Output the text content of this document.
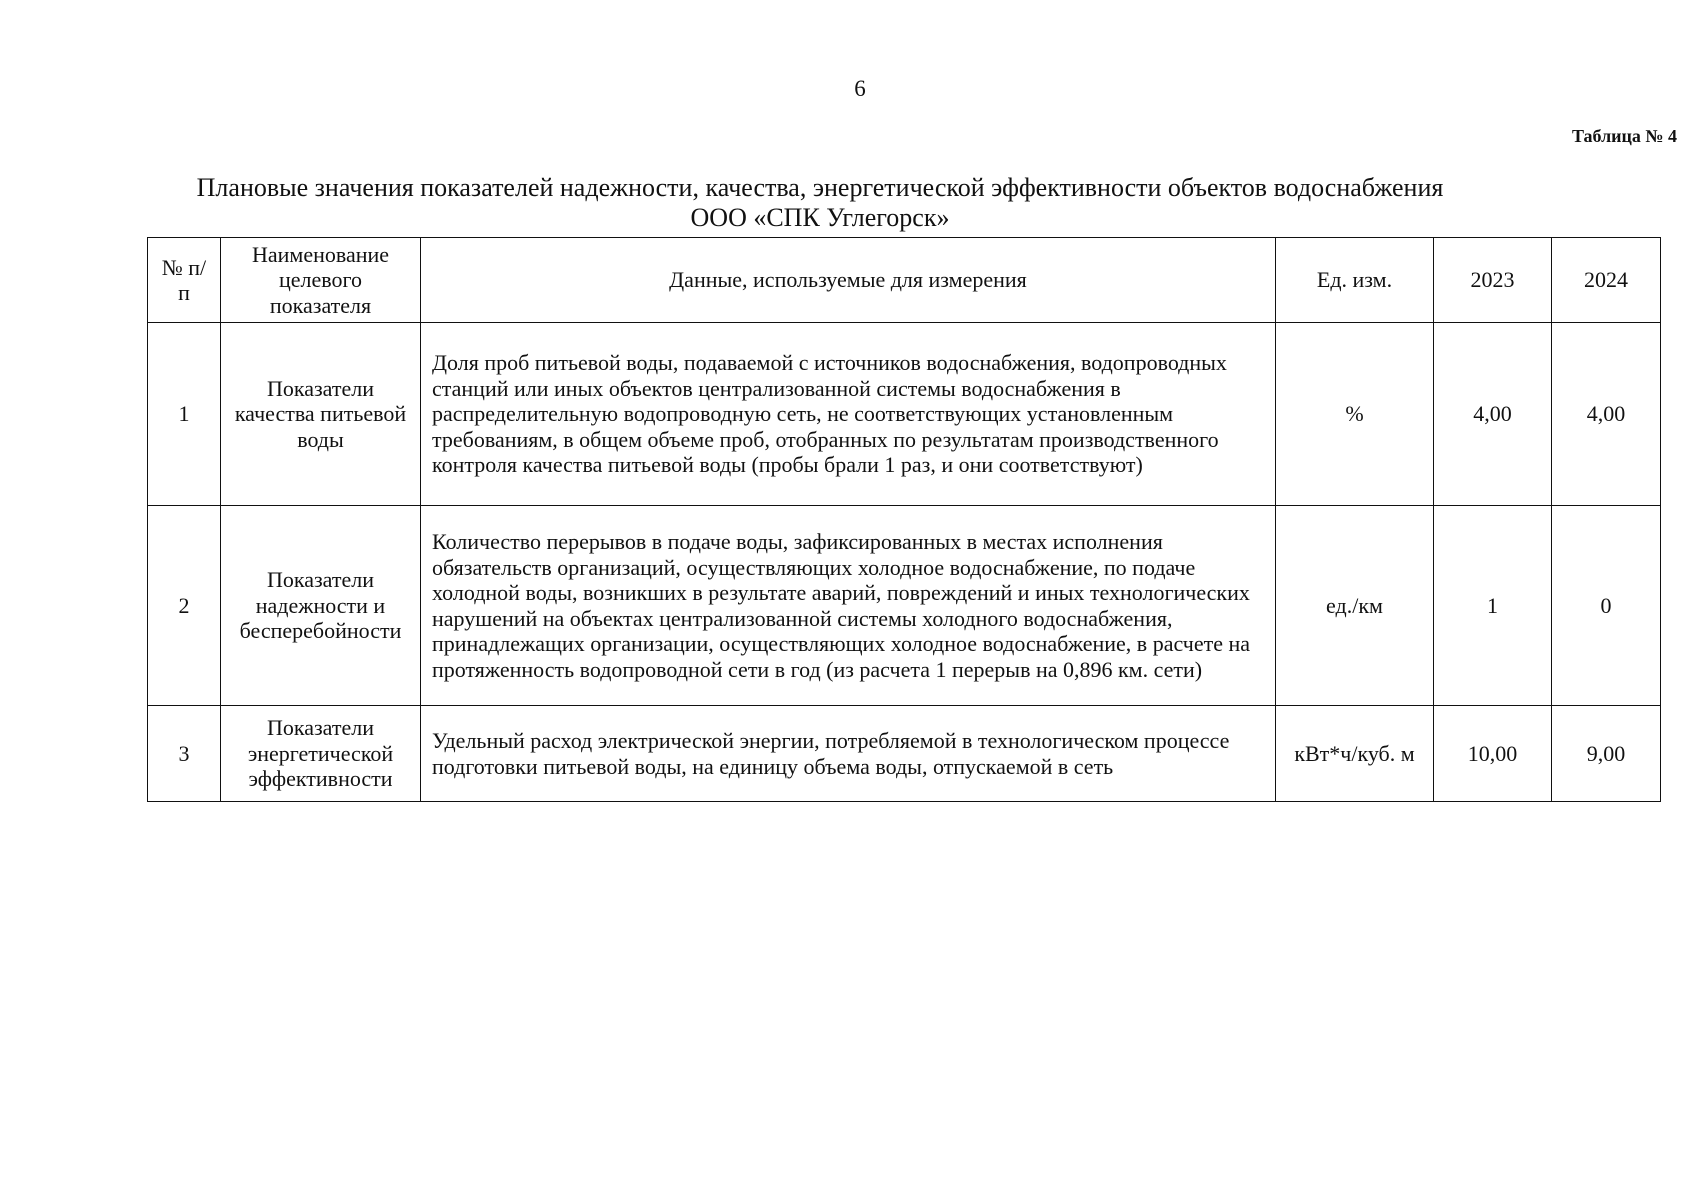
6
Таблица № 4
Плановые значения показателей надежности, качества, энергетической эффективности объектов водоснабжения
ООО «СПК Углегорск»
№ п/п	Наименование целевого показателя	Данные, используемые для измерения	Ед. изм.	2023	2024
1	Показатели качества питьевой воды	Доля проб питьевой воды, подаваемой с источников водоснабжения, водопроводных станций или иных объектов централизованной системы водоснабжения в распределительную водопроводную сеть, не соответствующих установленным требованиям, в общем объеме проб, отобранных по результатам производственного контроля качества питьевой воды (пробы брали 1 раз, и они соответствуют)	%	4,00	4,00
2	Показатели надежности и бесперебойности	Количество перерывов в подаче воды, зафиксированных в местах исполнения обязательств организаций, осуществляющих холодное водоснабжение, по подаче холодной воды, возникших в результате аварий, повреждений и иных технологических нарушений на объектах централизованной системы холодного водоснабжения, принадлежащих организации, осуществляющих холодное водоснабжение, в расчете на протяженность водопроводной сети в год (из расчета 1 перерыв на 0,896 км. сети)	ед./км	1	0
3	Показатели энергетической эффективности	Удельный расход электрической энергии, потребляемой в технологическом процессе подготовки питьевой воды, на единицу объема воды, отпускаемой в сеть	кВт*ч/куб. м	10,00	9,00
